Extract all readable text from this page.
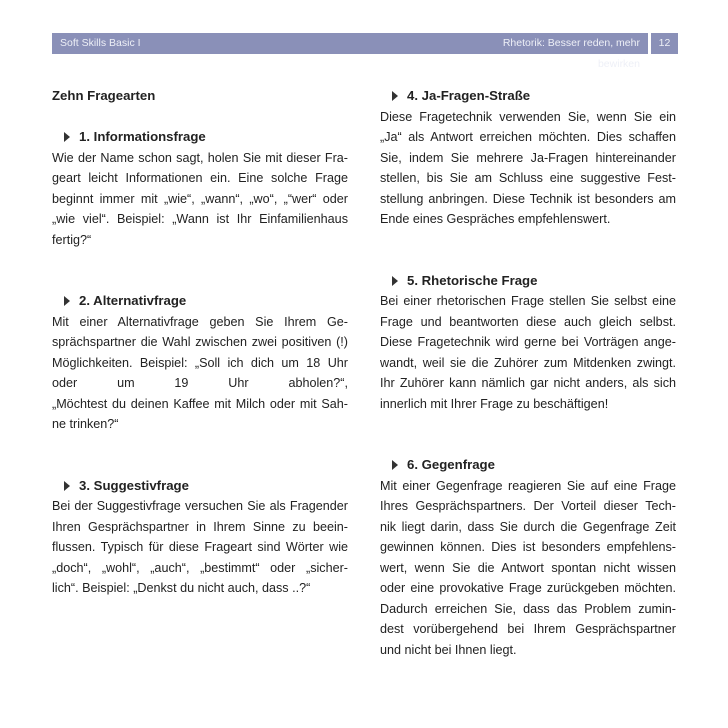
Soft Skills Basic I	Rhetorik: Besser reden, mehr bewirken
12

Zehn Fragearten

1. Informationsfrage

Wie der Name schon sagt, holen Sie mit dieser Fra-
geart leicht Informationen ein. Eine solche Frage
beginnt immer mit „wie“, „wann“, „wo“, „“wer“ oder
„wie viel“. Beispiel: „Wann ist Ihr Einfamilienhaus
fertig?“

2. Alternativfrage

Mit einer Alternativfrage geben Sie Ihrem Ge-
sprächspartner die Wahl zwischen zwei positiven (!)
Möglichkeiten. Beispiel: „Soll ich dich um 18 Uhr
oder um 19 Uhr abholen?“,
„Möchtest du deinen Kaffee mit Milch oder mit Sah-
ne trinken?“

3. Suggestivfrage

Bei der Suggestivfrage versuchen Sie als Fragender
Ihren Gesprächspartner in Ihrem Sinne zu beein-
flussen. Typisch für diese Frageart sind Wörter wie
„doch“, „wohl“, „auch“, „bestimmt“ oder „sicher-
lich“. Beispiel: „Denkst du nicht auch, dass ..?“

4. Ja-Fragen-Straße

Diese Fragetechnik verwenden Sie, wenn Sie ein
„Ja“ als Antwort erreichen möchten. Dies schaffen
Sie, indem Sie mehrere Ja-Fragen hintereinander
stellen, bis Sie am Schluss eine suggestive Fest-
stellung anbringen. Diese Technik ist besonders am
Ende eines Gespräches empfehlenswert.

5. Rhetorische Frage

Bei einer rhetorischen Frage stellen Sie selbst eine
Frage und beantworten diese auch gleich selbst.
Diese Fragetechnik wird gerne bei Vorträgen ange-
wandt, weil sie die Zuhörer zum Mitdenken zwingt.
Ihr Zuhörer kann nämlich gar nicht anders, als sich
innerlich mit Ihrer Frage zu beschäftigen!

6. Gegenfrage

Mit einer Gegenfrage reagieren Sie auf eine Frage
Ihres Gesprächspartners. Der Vorteil dieser Tech-
nik liegt darin, dass Sie durch die Gegenfrage Zeit
gewinnen können. Dies ist besonders empfehlens-
wert, wenn Sie die Antwort spontan nicht wissen
oder eine provokative Frage zurückgeben möchten.
Dadurch erreichen Sie, dass das Problem zumin-
dest vorübergehend bei Ihrem Gesprächspartner
und nicht bei Ihnen liegt.
